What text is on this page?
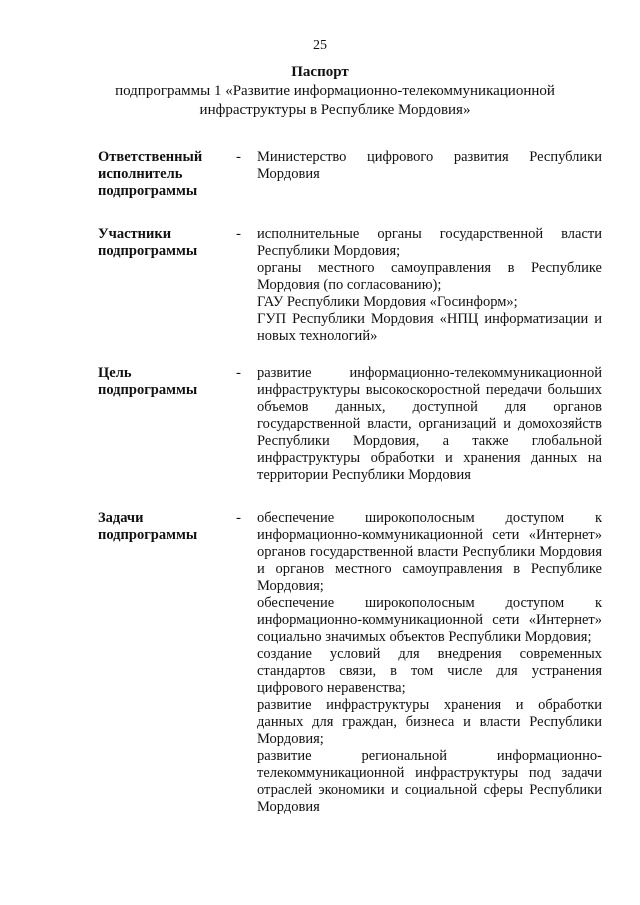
25
Паспорт
подпрограммы 1 «Развитие информационно-телекоммуникационной инфраструктуры в Республике Мордовия»
Ответственный исполнитель подпрограммы
- Министерство цифрового развития Республики Мордовия
Участники подпрограммы
- исполнительные органы государственной власти Республики Мордовия;
органы местного самоуправления в Республике Мордовия (по согласованию);
ГАУ Республики Мордовия «Госинформ»;
ГУП Республики Мордовия «НПЦ информатизации и новых технологий»
Цель подпрограммы
- развитие информационно-телекоммуникационной инфраструктуры высокоскоростной передачи больших объемов данных, доступной для органов государственной власти, организаций и домохозяйств Республики Мордовия, а также глобальной инфраструктуры обработки и хранения данных на территории Республики Мордовия
Задачи подпрограммы
- обеспечение широкополосным доступом к информационно-коммуникационной сети «Интернет» органов государственной власти Республики Мордовия и органов местного самоуправления в Республике Мордовия;
обеспечение широкополосным доступом к информационно-коммуникационной сети «Интернет» социально значимых объектов Республики Мордовия;
создание условий для внедрения современных стандартов связи, в том числе для устранения цифрового неравенства;
развитие инфраструктуры хранения и обработки данных для граждан, бизнеса и власти Республики Мордовия;
развитие региональной информационно-телекоммуникационной инфраструктуры под задачи отраслей экономики и социальной сферы Республики Мордовия
